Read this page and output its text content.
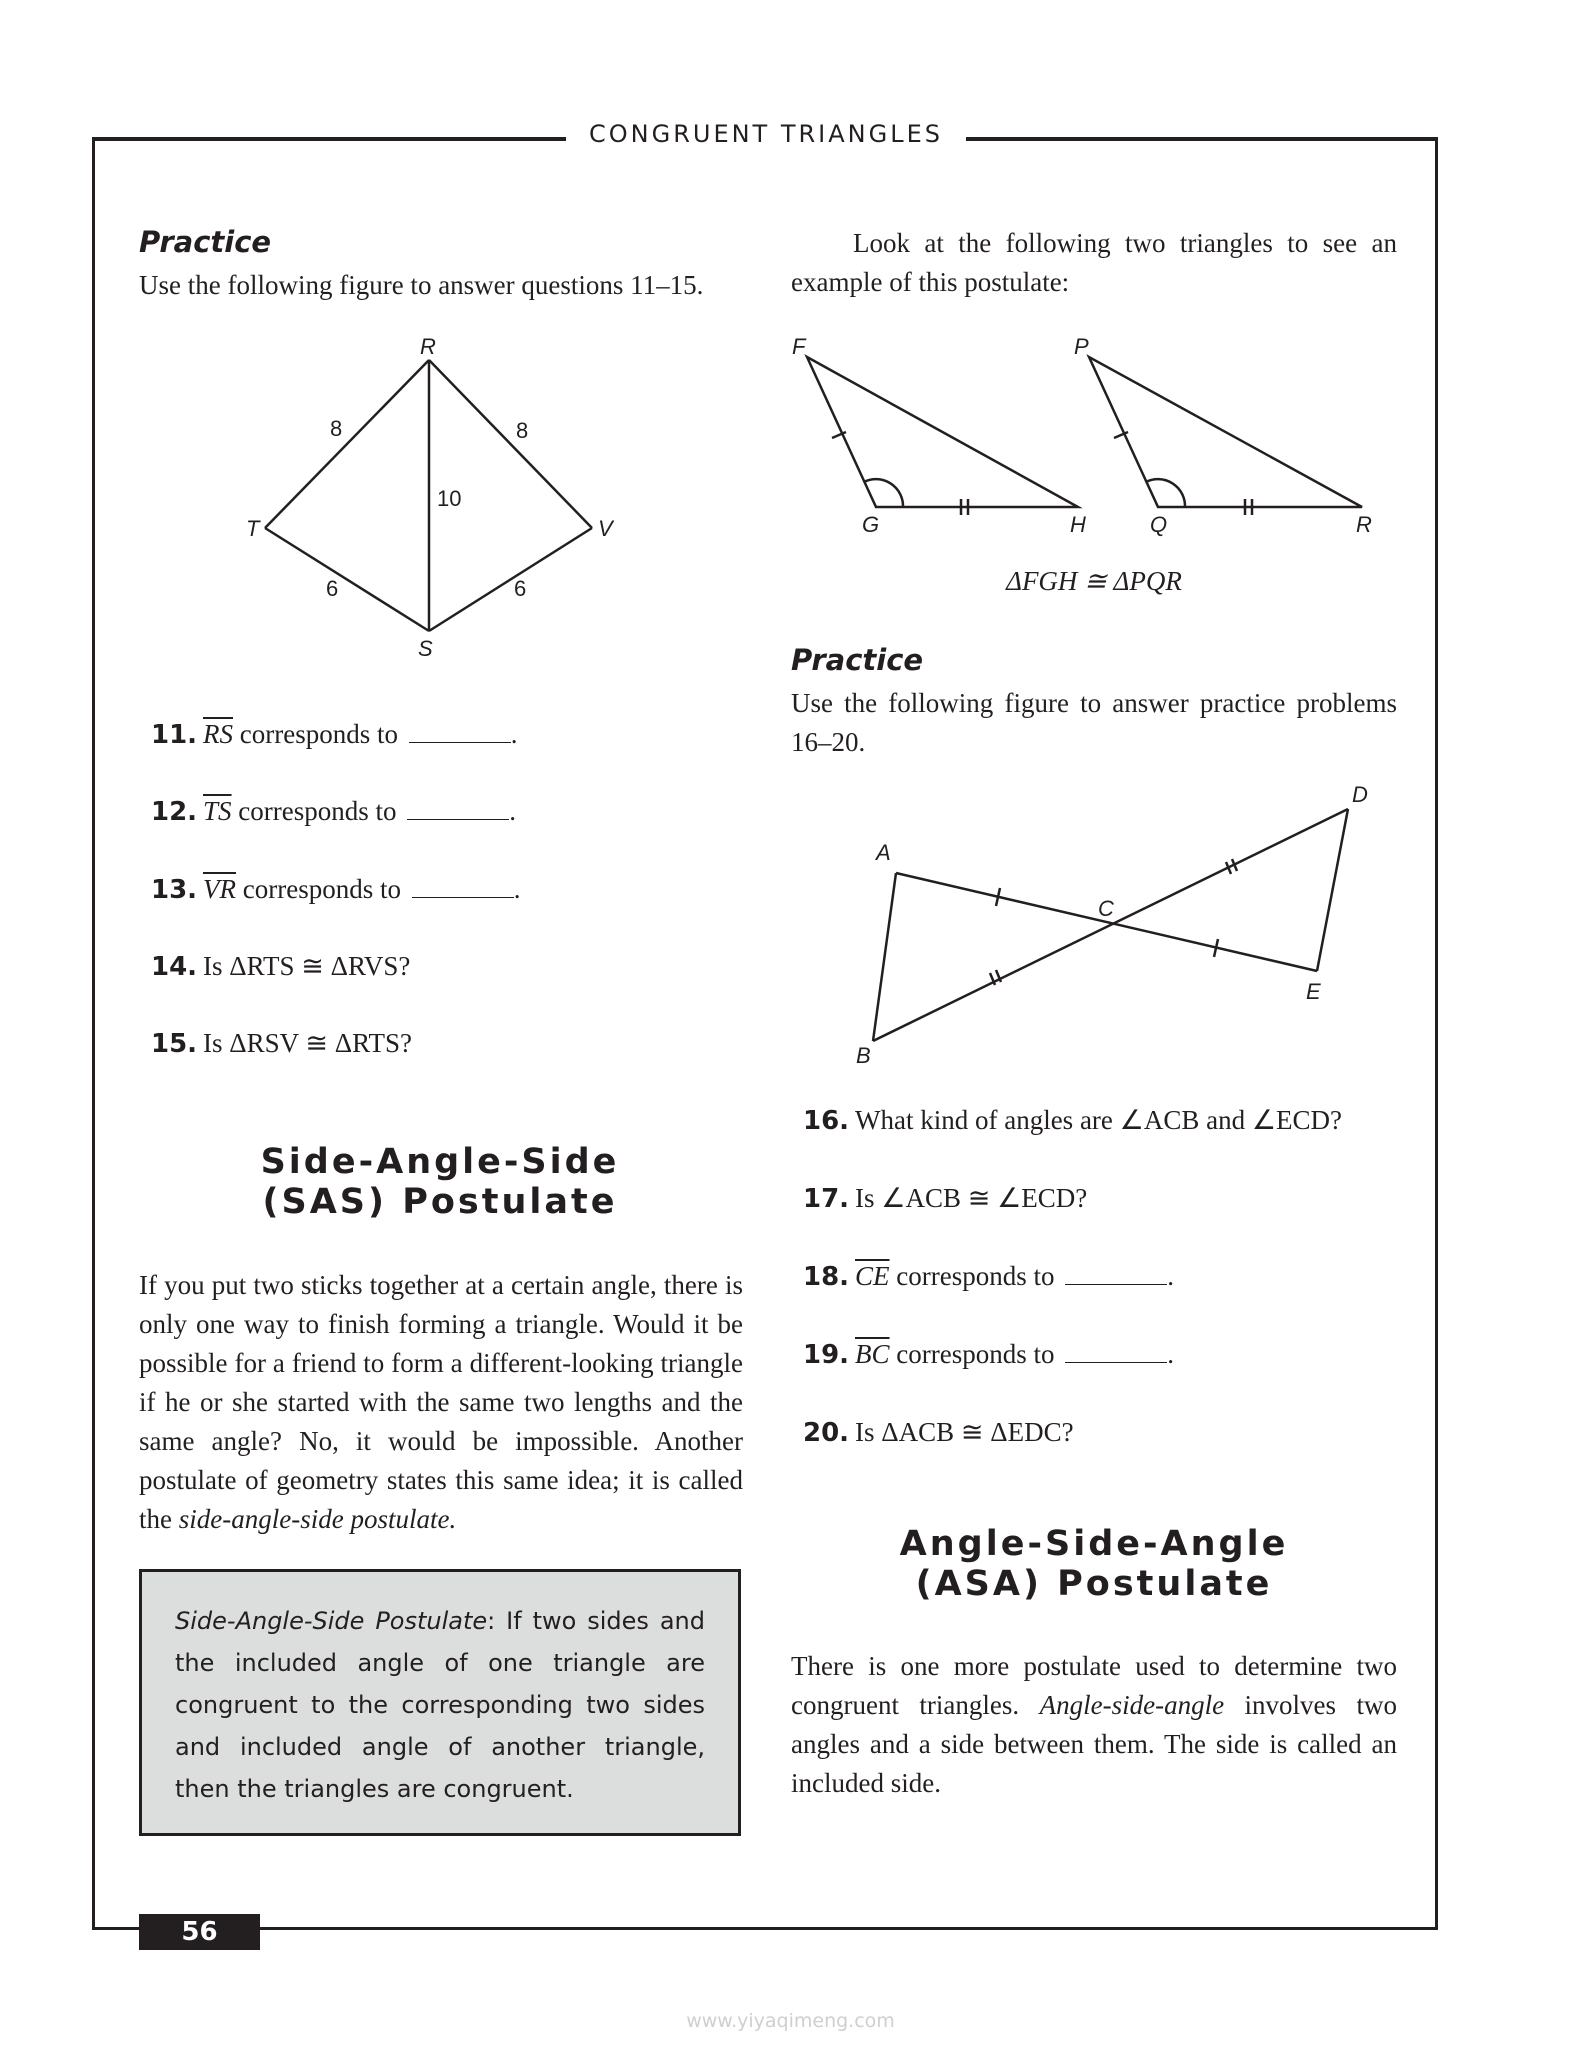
CONGRUENT TRIANGLES
Practice
Use the following figure to answer questions 11–15.
R
T	V
S
8	8
10
6	6
11. $\overline{RS}$ corresponds to	.
12. $\overline{TS}$ corresponds to	.
13. $\overline{VR}$ corresponds to	.
14. Is ΔRTS ≅ ΔRVS?
15. Is ΔRSV ≅ ΔRTS?
Side-Angle-Side
(SAS) Postulate
If you put two sticks together at a certain angle, there is only one way to finish forming a triangle. Would it be possible for a friend to form a different-looking triangle if he or she started with the same two lengths and the same angle? No, it would be impossible. Another postulate of geometry states this same idea; it is called the side-angle-side postulate.
Side-Angle-Side Postulate: If two sides and the included angle of one triangle are congruent to the corresponding two sides and included angle of another triangle, then the triangles are congruent.
Look at the following two triangles to see an example of this postulate:
F
G	H
P
Q	R
ΔFGH ≅ ΔPQR
Practice
Use the following figure to answer practice problems 16–20.
A
B
C
D
E
16. What kind of angles are ∠ACB and ∠ECD?
17. Is ∠ACB ≅ ∠ECD?
18. $\overline{CE}$ corresponds to	.
19. $\overline{BC}$ corresponds to	.
20. Is ΔACB ≅ ΔEDC?
Angle-Side-Angle
(ASA) Postulate
There is one more postulate used to determine two congruent triangles. Angle-side-angle involves two angles and a side between them. The side is called an included side.
56
www.yiyaqimeng.com
